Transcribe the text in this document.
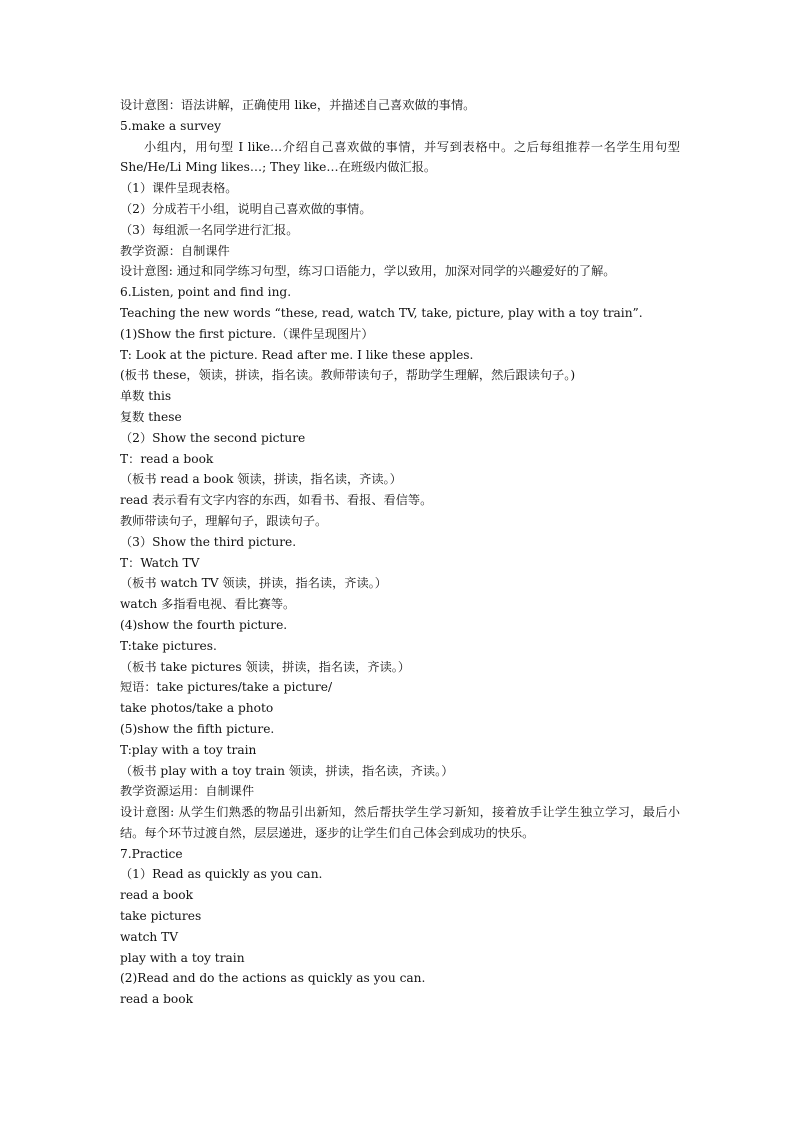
设计意图：语法讲解，正确使用 like，并描述自己喜欢做的事情。

5.make a survey

小组内，用句型 I like…介绍自己喜欢做的事情，并写到表格中。之后每组推荐一名学生用句型 She/He/Li Ming likes…; They like…在班级内做汇报。

（1）课件呈现表格。

（2）分成若干小组，说明自己喜欢做的事情。

（3）每组派一名同学进行汇报。

教学资源：自制课件

设计意图: 通过和同学练习句型，练习口语能力，学以致用，加深对同学的兴趣爱好的了解。

6.Listen, point and find ing.

Teaching the new words “these, read, watch TV, take, picture, play with a toy train”.

(1)Show the first picture.（课件呈现图片）

T: Look at the picture. Read after me. I like these apples.

(板书 these，领读，拼读，指名读。教师带读句子，帮助学生理解，然后跟读句子。)

单数 this

复数 these

（2）Show the second picture

T：read a book

（板书 read a book 领读，拼读，指名读，齐读。）

read 表示看有文字内容的东西，如看书、看报、看信等。

教师带读句子，理解句子，跟读句子。

（3）Show the third picture.

T：Watch TV

（板书 watch TV 领读，拼读，指名读，齐读。）

watch 多指看电视、看比赛等。

(4)show the fourth picture.

T:take pictures.

（板书 take pictures 领读，拼读，指名读，齐读。）

短语：take pictures/take a picture/

take photos/take a photo

(5)show the fifth picture.

T:play with a toy train

（板书 play with a toy train 领读，拼读，指名读，齐读。）

教学资源运用：自制课件

设计意图: 从学生们熟悉的物品引出新知，然后帮扶学生学习新知，接着放手让学生独立学习，最后小结。每个环节过渡自然，层层递进，逐步的让学生们自己体会到成功的快乐。

7.Practice

（1）Read as quickly as you can.

read a book

take pictures

watch TV

play with a toy train

(2)Read and do the actions as quickly as you can.

read a book
